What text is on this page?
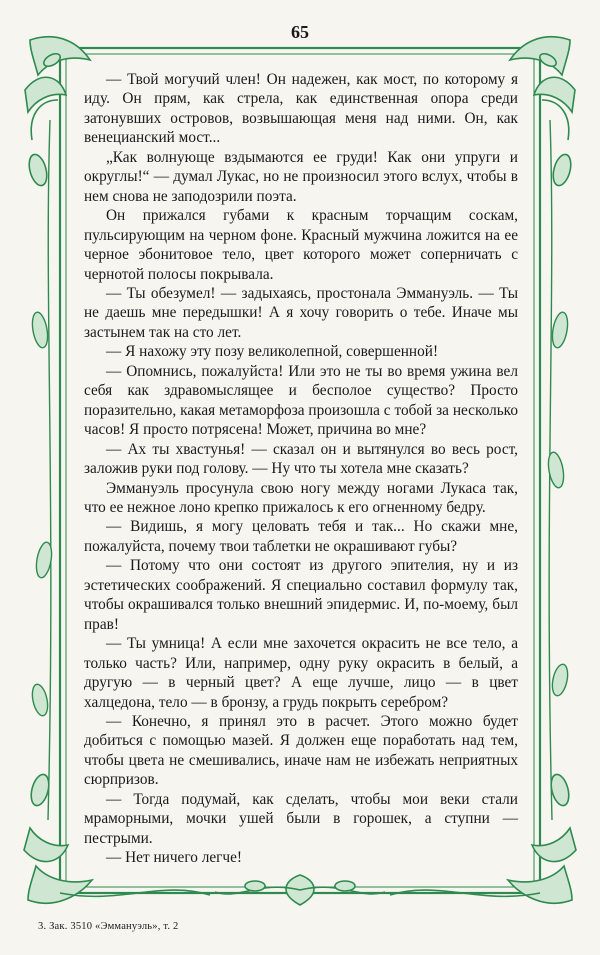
65

— Твой могучий член! Он надежен, как мост, по которому я иду. Он прям, как стрела, как единственная опора среди затонувших островов, возвышающая меня над ними. Он, как венецианский мост...

„Как волнующе вздымаются ее груди! Как они упруги и округлы!“ — думал Лукас, но не произносил этого вслух, чтобы в нем снова не заподозрили поэта.

Он прижался губами к красным торчащим соскам, пульсирующим на черном фоне. Красный мужчина ложится на ее черное эбонитовое тело, цвет которого может соперничать с чернотой полосы покрывала.

— Ты обезумел! — задыхаясь, простонала Эммануэль. — Ты не даешь мне передышки! А я хочу говорить о тебе. Иначе мы застынем так на сто лет.

— Я нахожу эту позу великолепной, совершенной!

— Опомнись, пожалуйста! Или это не ты во время ужина вел себя как здравомыслящее и бесполое существо? Просто поразительно, какая метаморфоза произошла с тобой за несколько часов! Я просто потрясена! Может, причина во мне?

— Ах ты хвастунья! — сказал он и вытянулся во весь рост, заложив руки под голову. — Ну что ты хотела мне сказать?

Эммануэль просунула свою ногу между ногами Лукаса так, что ее нежное лоно крепко прижалось к его огненному бедру.

— Видишь, я могу целовать тебя и так... Но скажи мне, пожалуйста, почему твои таблетки не окрашивают губы?

— Потому что они состоят из другого эпителия, ну и из эстетических соображений. Я специально составил формулу так, чтобы окрашивался только внешний эпидермис. И, по-моему, был прав!

— Ты умница! А если мне захочется окрасить не все тело, а только часть? Или, например, одну руку окрасить в белый, а другую — в черный цвет? А еще лучше, лицо — в цвет халцедона, тело — в бронзу, а грудь покрыть серебром?

— Конечно, я принял это в расчет. Этого можно будет добиться с помощью мазей. Я должен еще поработать над тем, чтобы цвета не смешивались, иначе нам не избежать неприятных сюрпризов.

— Тогда подумай, как сделать, чтобы мои веки стали мраморными, мочки ушей были в горошек, а ступни — пестрыми.

— Нет ничего легче!

3. Зак. 3510 «Эммануэль», т. 2
